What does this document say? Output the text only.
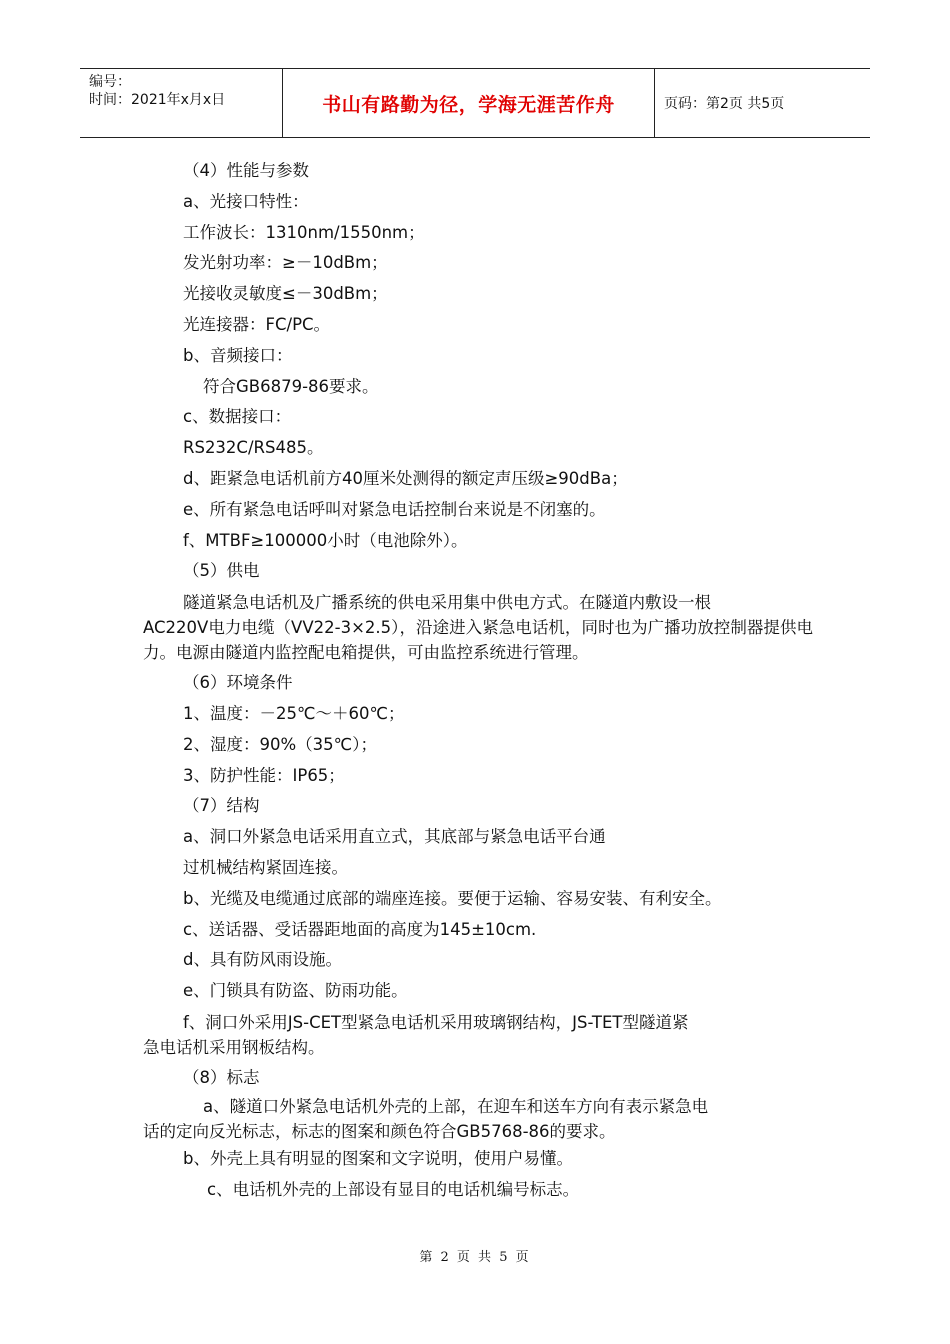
编号：
时间：2021年x月x日	书山有路勤为径，学海无涯苦作舟	页码：第2页 共5页
（4）性能与参数
a、光接口特性：
工作波长：1310nm/1550nm；
发光射功率：≥－10dBm；
光接收灵敏度≤－30dBm；
光连接器：FC/PC。
b、音频接口：
符合GB6879-86要求。
c、数据接口：
RS232C/RS485。
d、距紧急电话机前方40厘米处测得的额定声压级≥90dBa；
e、所有紧急电话呼叫对紧急电话控制台来说是不闭塞的。
f、MTBF≥100000小时（电池除外）。
（5）供电
隧道紧急电话机及广播系统的供电采用集中供电方式。在隧道内敷设一根
AC220V电力电缆（VV22-3×2.5），沿途进入紧急电话机，同时也为广播功放控制器提供电力。电源由隧道内监控配电箱提供，可由监控系统进行管理。
（6）环境条件
1、温度：－25℃～＋60℃；
2、湿度：90%（35℃）；
3、防护性能：IP65；
（7）结构
a、洞口外紧急电话采用直立式，其底部与紧急电话平台通
过机械结构紧固连接。
b、光缆及电缆通过底部的端座连接。要便于运输、容易安装、有利安全。
c、送话器、受话器距地面的高度为145±10cm.
d、具有防风雨设施。
e、门锁具有防盗、防雨功能。
f、洞口外采用JS-CET型紧急电话机采用玻璃钢结构，JS-TET型隧道紧
急电话机采用钢板结构。
（8）标志
a、隧道口外紧急电话机外壳的上部，在迎车和送车方向有表示紧急电
话的定向反光标志，标志的图案和颜色符合GB5768-86的要求。
b、外壳上具有明显的图案和文字说明，使用户易懂。
c、电话机外壳的上部设有显目的电话机编号标志。
第 2 页 共 5 页
